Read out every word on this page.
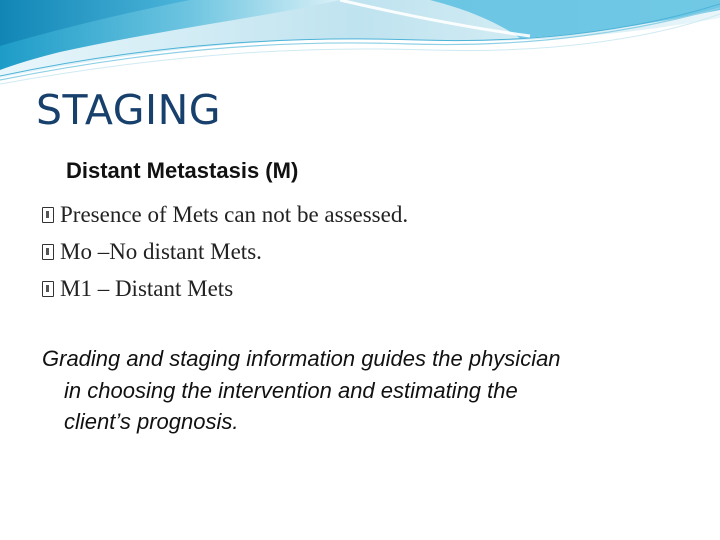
STAGING
Distant Metastasis (M)
Presence of Mets can not be assessed.
Mo –No distant Mets.
M1 – Distant Mets
Grading and staging information guides the physician
in choosing the intervention and estimating the
client’s prognosis.
